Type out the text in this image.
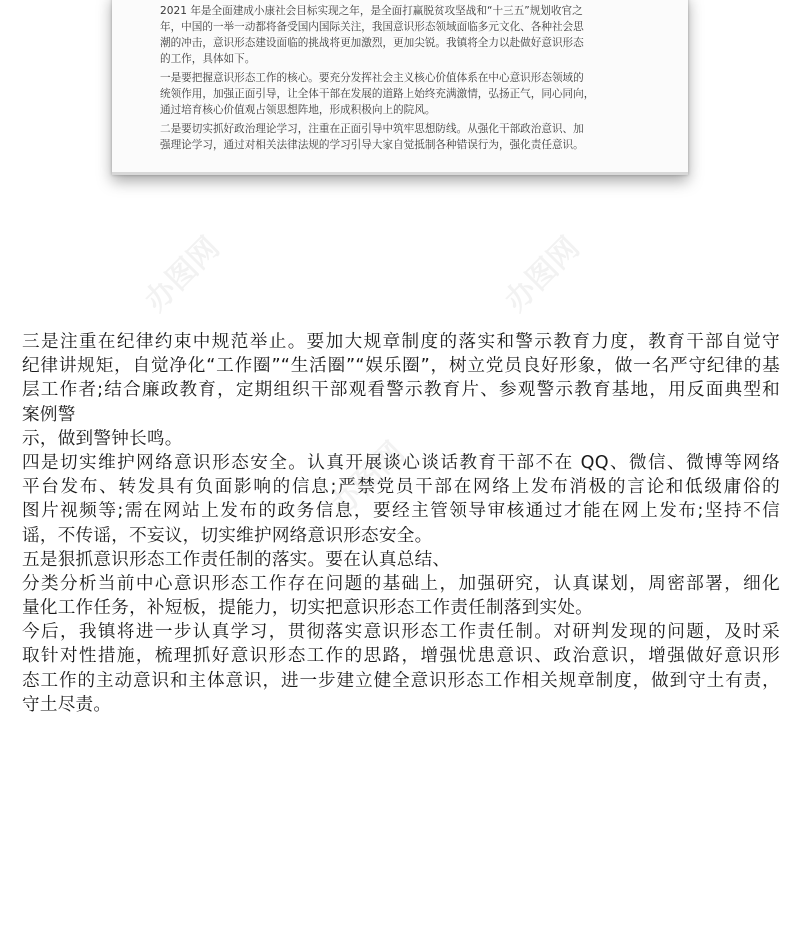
办图网
2021 年是全面建成小康社会目标实现之年，是全面打赢脱贫攻坚战和“十三五”规划收官之
年，中国的一举一动都将备受国内国际关注，我国意识形态领域面临多元文化、各种社会思
潮的冲击，意识形态建设面临的挑战将更加激烈，更加尖锐。我镇将全力以赴做好意识形态
的工作，具体如下。
一是要把握意识形态工作的核心。要充分发挥社会主义核心价值体系在中心意识形态领域的
统领作用，加强正面引导，让全体干部在发展的道路上始终充满激情，弘扬正气，同心同向，
通过培育核心价值观占领思想阵地，形成积极向上的院风。
二是要切实抓好政治理论学习，注重在正面引导中筑牢思想防线。从强化干部政治意识、加
强理论学习，通过对相关法律法规的学习引导大家自觉抵制各种错误行为，强化责任意识。
三是注重在纪律约束中规范举止。要加大规章制度的落实和警示教育力度，教育干部自觉守
纪律讲规矩，自觉净化“工作圈”“生活圈”“娱乐圈”，树立党员良好形象，做一名严守纪律的基
层工作者;结合廉政教育，定期组织干部观看警示教育片、参观警示教育基地，用反面典型和
案例警
示，做到警钟长鸣。
四是切实维护网络意识形态安全。认真开展谈心谈话教育干部不在 QQ、微信、微博等网络
平台发布、转发具有负面影响的信息;严禁党员干部在网络上发布消极的言论和低级庸俗的
图片视频等;需在网站上发布的政务信息，要经主管领导审核通过才能在网上发布;坚持不信
谣，不传谣，不妄议，切实维护网络意识形态安全。
五是狠抓意识形态工作责任制的落实。要在认真总结、
分类分析当前中心意识形态工作存在问题的基础上，加强研究，认真谋划，周密部署，细化
量化工作任务，补短板，提能力，切实把意识形态工作责任制落到实处。
今后，我镇将进一步认真学习，贯彻落实意识形态工作责任制。对研判发现的问题，及时采
取针对性措施，梳理抓好意识形态工作的思路，增强忧患意识、政治意识，增强做好意识形
态工作的主动意识和主体意识，进一步建立健全意识形态工作相关规章制度，做到守土有责，
守土尽责。
